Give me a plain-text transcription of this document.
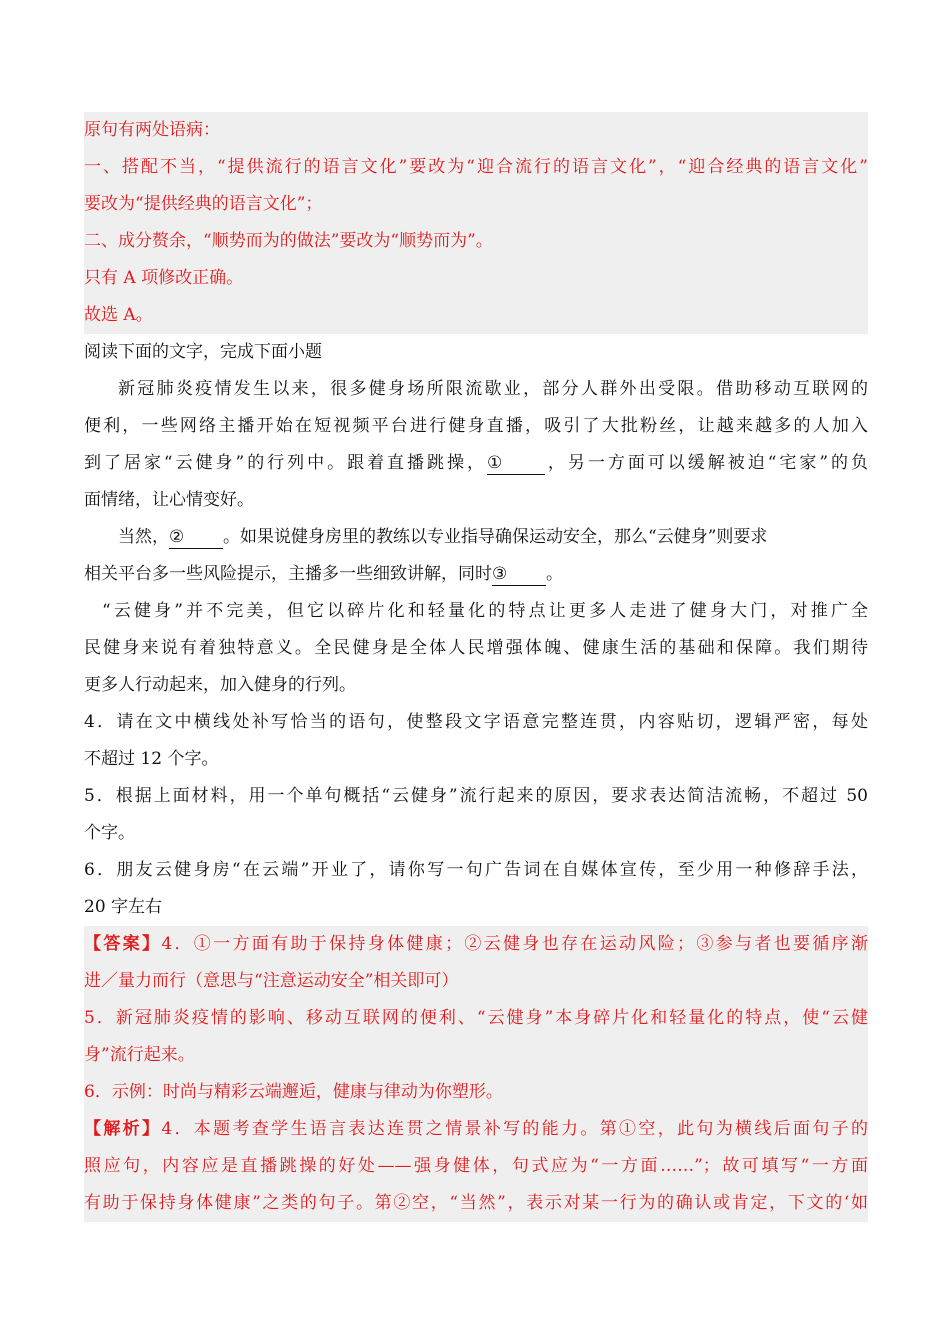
原句有两处语病：
一、搭配不当，“提供流行的语言文化”要改为“迎合流行的语言文化”，“迎合经典的语言文化”
要改为“提供经典的语言文化”；
二、成分赘余，“顺势而为的做法”要改为“顺势而为”。
只有 A 项修改正确。
故选 A。
阅读下面的文字，完成下面小题
新冠肺炎疫情发生以来，很多健身场所限流歇业，部分人群外出受限。借助移动互联网的
便利，一些网络主播开始在短视频平台进行健身直播，吸引了大批粉丝，让越来越多的人加入
到了居家“云健身”的行列中。跟着直播跳操，①	，另一方面可以缓解被迫“宅家”的负
面情绪，让心情变好。
当然，② 。如果说健身房里的教练以专业指导确保运动安全，那么“云健身”则要求
相关平台多一些风险提示，主播多一些细致讲解，同时③ 。
“云健身”并不完美，但它以碎片化和轻量化的特点让更多人走进了健身大门，对推广全
民健身来说有着独特意义。全民健身是全体人民增强体魄、健康生活的基础和保障。我们期待
更多人行动起来，加入健身的行列。
4．请在文中横线处补写恰当的语句，使整段文字语意完整连贯，内容贴切，逻辑严密，每处
不超过 12 个字。
5．根据上面材料，用一个单句概括“云健身”流行起来的原因，要求表达简洁流畅，不超过 50
个字。
6．朋友云健身房“在云端”开业了，请你写一句广告词在自媒体宣传，至少用一种修辞手法，
20 字左右
【答案】4．①一方面有助于保持身体健康；②云健身也存在运动风险；③参与者也要循序渐
进／量力而行（意思与“注意运动安全”相关即可）
5．新冠肺炎疫情的影响、移动互联网的便利、“云健身”本身碎片化和轻量化的特点，使“云健
身”流行起来。
6．示例：时尚与精彩云端邂逅，健康与律动为你塑形。
【解析】4．本题考查学生语言表达连贯之情景补写的能力。第①空，此句为横线后面句子的
照应句，内容应是直播跳操的好处——强身健体，句式应为“一方面……”；故可填写“一方面
有助于保持身体健康”之类的句子。第②空，“当然”，表示对某一行为的确认或肯定，下文的‘如
